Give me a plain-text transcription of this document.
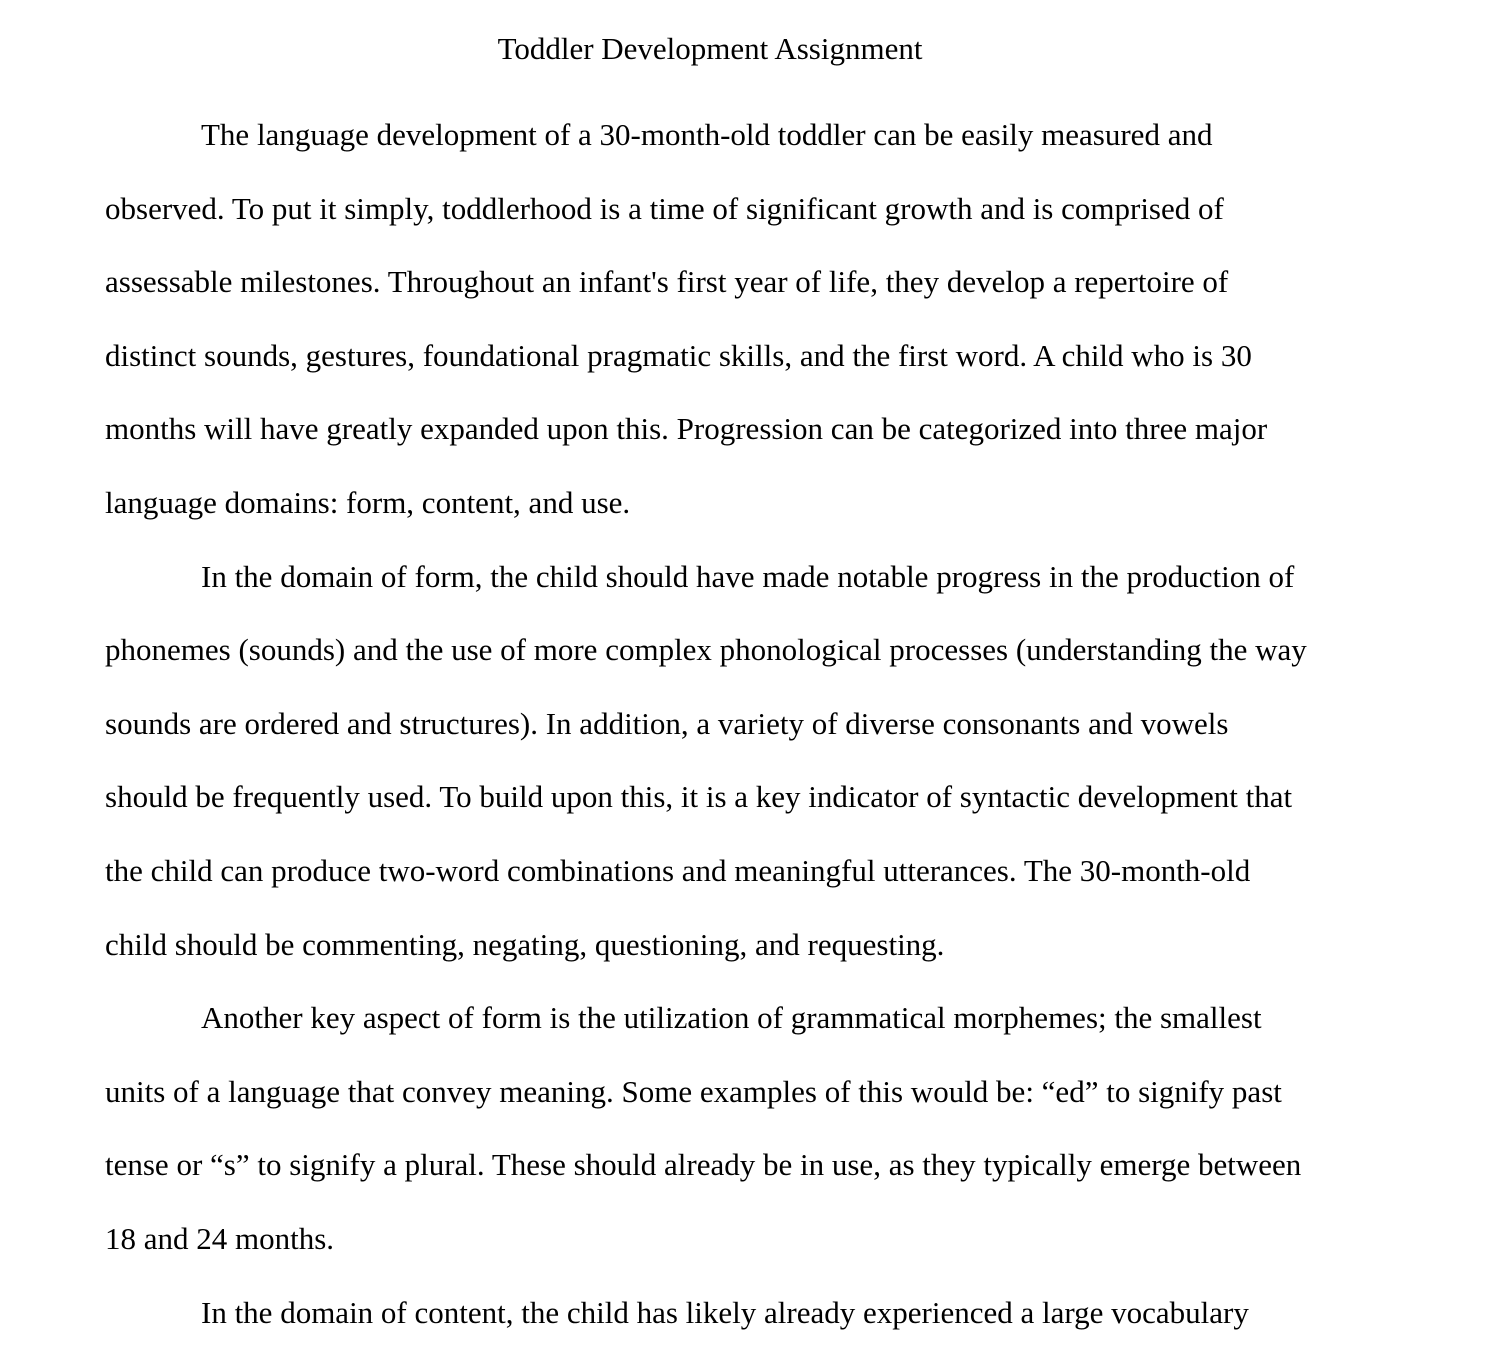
Toddler Development Assignment

The language development of a 30-month-old toddler can be easily measured and
observed. To put it simply, toddlerhood is a time of significant growth and is comprised of
assessable milestones. Throughout an infant's first year of life, they develop a repertoire of
distinct sounds, gestures, foundational pragmatic skills, and the first word. A child who is 30
months will have greatly expanded upon this. Progression can be categorized into three major
language domains: form, content, and use.

In the domain of form, the child should have made notable progress in the production of
phonemes (sounds) and the use of more complex phonological processes (understanding the way
sounds are ordered and structures). In addition, a variety of diverse consonants and vowels
should be frequently used. To build upon this, it is a key indicator of syntactic development that
the child can produce two-word combinations and meaningful utterances. The 30-month-old
child should be commenting, negating, questioning, and requesting.

Another key aspect of form is the utilization of grammatical morphemes; the smallest
units of a language that convey meaning. Some examples of this would be: “ed” to signify past
tense or “s” to signify a plural. These should already be in use, as they typically emerge between
18 and 24 months.

In the domain of content, the child has likely already experienced a large vocabulary
